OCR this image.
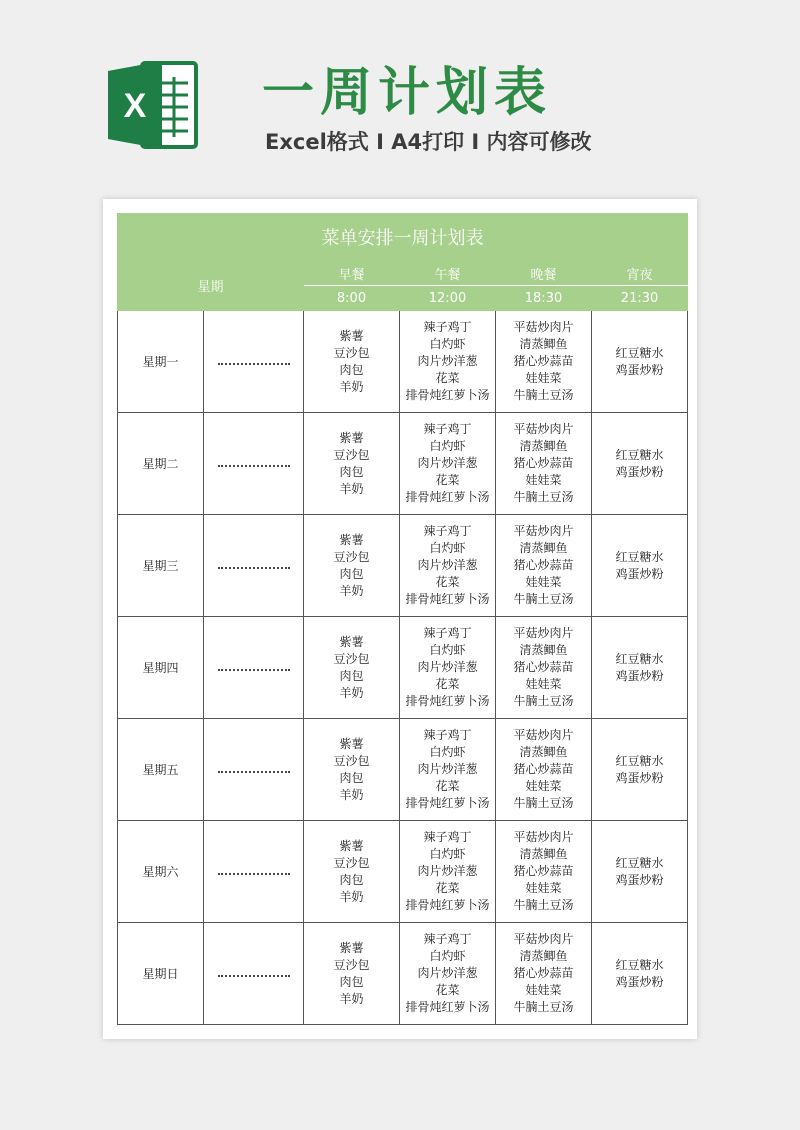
X 一周计划表
Excel格式 I A4打印 I 内容可修改
菜单安排一周计划表					
星期		早餐	午餐	晚餐	宵夜
		8:00	12:00	18:30	21:30
星期一		紫薯
豆沙包
肉包
羊奶	辣子鸡丁
白灼虾
肉片炒洋葱
花菜
排骨炖红萝卜汤	平菇炒肉片
清蒸鲫鱼
猪心炒蒜苗
娃娃菜
牛腩土豆汤	红豆糖水
鸡蛋炒粉

星期二		紫薯
豆沙包
肉包
羊奶	辣子鸡丁
白灼虾
肉片炒洋葱
花菜
排骨炖红萝卜汤	平菇炒肉片
清蒸鲫鱼
猪心炒蒜苗
娃娃菜
牛腩土豆汤	红豆糖水
鸡蛋炒粉

星期三		紫薯
豆沙包
肉包
羊奶	辣子鸡丁
白灼虾
肉片炒洋葱
花菜
排骨炖红萝卜汤	平菇炒肉片
清蒸鲫鱼
猪心炒蒜苗
娃娃菜
牛腩土豆汤	红豆糖水
鸡蛋炒粉

星期四		紫薯
豆沙包
肉包
羊奶	辣子鸡丁
白灼虾
肉片炒洋葱
花菜
排骨炖红萝卜汤	平菇炒肉片
清蒸鲫鱼
猪心炒蒜苗
娃娃菜
牛腩土豆汤	红豆糖水
鸡蛋炒粉

星期五		紫薯
豆沙包
肉包
羊奶	辣子鸡丁
白灼虾
肉片炒洋葱
花菜
排骨炖红萝卜汤	平菇炒肉片
清蒸鲫鱼
猪心炒蒜苗
娃娃菜
牛腩土豆汤	红豆糖水
鸡蛋炒粉

星期六		紫薯
豆沙包
肉包
羊奶	辣子鸡丁
白灼虾
肉片炒洋葱
花菜
排骨炖红萝卜汤	平菇炒肉片
清蒸鲫鱼
猪心炒蒜苗
娃娃菜
牛腩土豆汤	红豆糖水
鸡蛋炒粉

星期日		紫薯
豆沙包
肉包
羊奶	辣子鸡丁
白灼虾
肉片炒洋葱
花菜
排骨炖红萝卜汤	平菇炒肉片
清蒸鲫鱼
猪心炒蒜苗
娃娃菜
牛腩土豆汤	红豆糖水
鸡蛋炒粉
